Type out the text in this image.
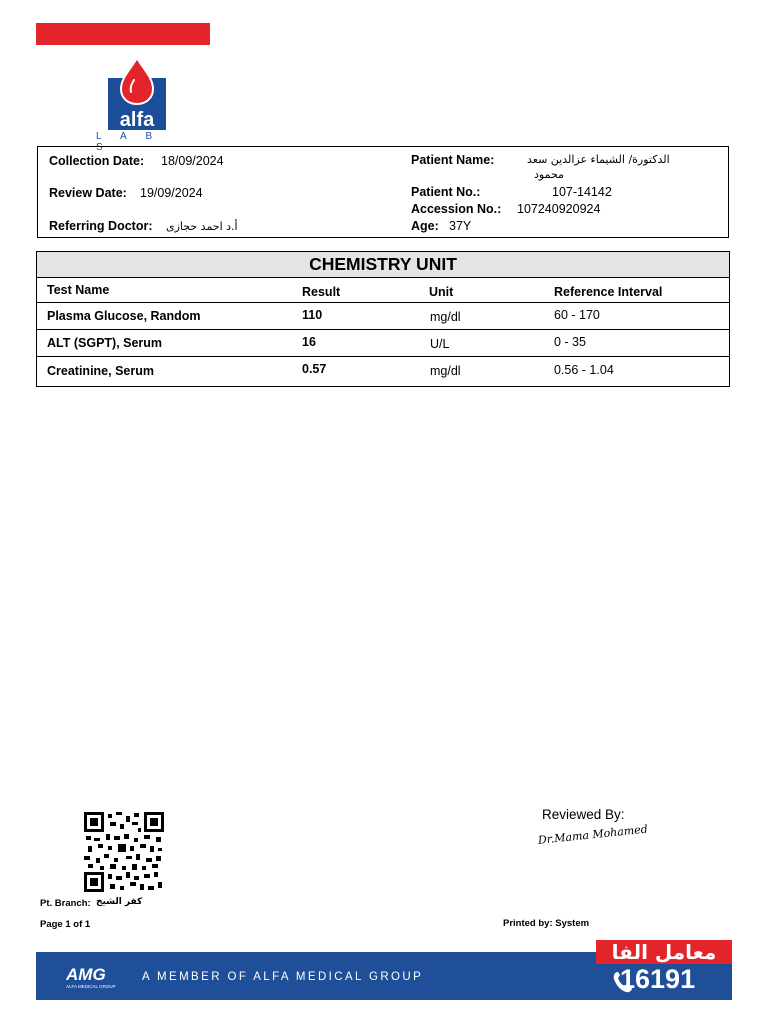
alfa
L A B S
Collection Date: 18/09/2024
Review Date: 19/09/2024
Referring Doctor: أ.د احمد حجازى
Patient Name:	الدكتورة/ الشيماء عزالدين سعد
محمود
Patient No.:	107-14142
Accession No.: 107240920924
Age: 37Y
CHEMISTRY UNIT
Test Name	Result	Unit	Reference Interval
Plasma Glucose, Random	110	mg/dl	60 - 170
ALT (SGPT), Serum	16	U/L	0 - 35
Creatinine, Serum	0.57	mg/dl	0.56 - 1.04
Pt. Branch: كفر الشيخ
Page 1 of 1
Reviewed By:
Dr.Mama Mohamed
Printed by: System
AMG
ALFA MEDICAL GROUP
A MEMBER OF ALFA MEDICAL GROUP
معامل الفا
16191
